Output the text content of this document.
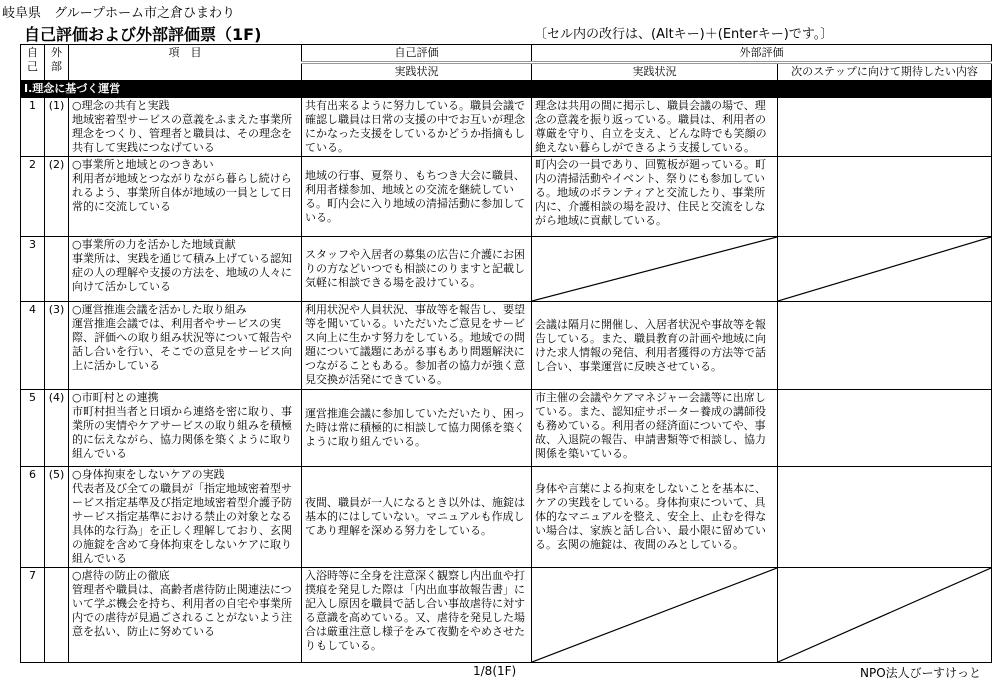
岐阜県　グループホーム市之倉ひまわり
自己評価および外部評価票（1F)	〔セル内の改行は、(Altキー)＋(Enterキー)です。〕
自己	外部	項　目	自己評価	外部評価	
			実践状況	実践状況	次のステップに向けて期待したい内容
Ⅰ.理念に基づく運営					
1	(1)	○理念の共有と実践
地域密着型サービスの意義をふまえた事業所理念をつくり、管理者と職員は、その理念を共有して実践につなげている	共有出来るように努力している。職員会議で確認し職員は日常の支援の中でお互いが理念にかなった支援をしているかどうか指摘もしている。	理念は共用の間に掲示し、職員会議の場で、理念の意義を振り返っている。職員は、利用者の尊厳を守り、自立を支え、どんな時でも笑顔の絶えない暮らしができるよう支援している。	
2	(2)	○事業所と地域とのつきあい
利用者が地域とつながりながら暮らし続けられるよう、事業所自体が地域の一員として日常的に交流している	地域の行事、夏祭り、もちつき大会に職員、利用者様参加、地域との交流を継続している。町内会に入り地域の清掃活動に参加している。	町内会の一員であり、回覧板が廻っている。町内の清掃活動やイベント、祭りにも参加している。地域のボランティアと交流したり、事業所内に、介護相談の場を設け、住民と交流をしながら地域に貢献している。	
3		○事業所の力を活かした地域貢献
事業所は、実践を通じて積み上げている認知症の人の理解や支援の方法を、地域の人々に向けて活かしている	スタッフや入居者の募集の広告に介護にお困りの方などいつでも相談にのりますと記載し気軽に相談できる場を設けている。	

4	(3)	○運営推進会議を活かした取り組み
運営推進会議では、利用者やサービスの実際、評価への取り組み状況等について報告や話し合いを行い、そこでの意見をサービス向上に活かしている	利用状況や人員状況、事故等を報告し、要望等を聞いている。いただいたご意見をサービス向上に生かす努力をしている。地域での問題について議題にあがる事もあり問題解決につながることもある。参加者の協力が強く意見交換が活発にできている。	会議は隔月に開催し、入居者状況や事故等を報告している。また、職員教育の計画や地域に向けた求人情報の発信、利用者獲得の方法等で話し合い、事業運営に反映させている。	
5	(4)	○市町村との連携
市町村担当者と日頃から連絡を密に取り、事業所の実情やケアサービスの取り組みを積極的に伝えながら、協力関係を築くように取り組んでいる	運営推進会議に参加していただいたり、困った時は常に積極的に相談して協力関係を築くように取り組んでいる。	市主催の会議やケアマネジャー会議等に出席している。また、認知症サポーター養成の講師役も務めている。利用者の経済面についてや、事故、入退院の報告、申請書類等で相談し、協力関係を築いている。	
6	(5)	○身体拘束をしないケアの実践
代表者及び全ての職員が「指定地域密着型サービス指定基準及び指定地域密着型介護予防サービス指定基準における禁止の対象となる具体的な行為」を正しく理解しており、玄関の施錠を含めて身体拘束をしないケアに取り組んでいる	夜間、職員が一人になるとき以外は、施錠は基本的にはしていない。マニュアルも作成してあり理解を深める努力をしている。	身体や言葉による拘束をしないことを基本に、ケアの実践をしている。身体拘束について、具体的なマニュアルを整え、安全上、止むを得ない場合は、家族と話し合い、最小限に留めている。玄関の施錠は、夜間のみとしている。	
7		○虐待の防止の徹底
管理者や職員は、高齢者虐待防止関連法について学ぶ機会を持ち、利用者の自宅や事業所内での虐待が見過ごされることがないよう注意を払い、防止に努めている	入浴時等に全身を注意深く観察し内出血や打撲痕を発見した際は「内出血事故報告書」に記入し原因を職員で話し合い事故虐待に対する意識を高めている。又、虐待を発見した場合は厳重注意し様子をみて夜勤をやめさせたりもしている。	

1/8(1F)	NPO法人びーすけっと
